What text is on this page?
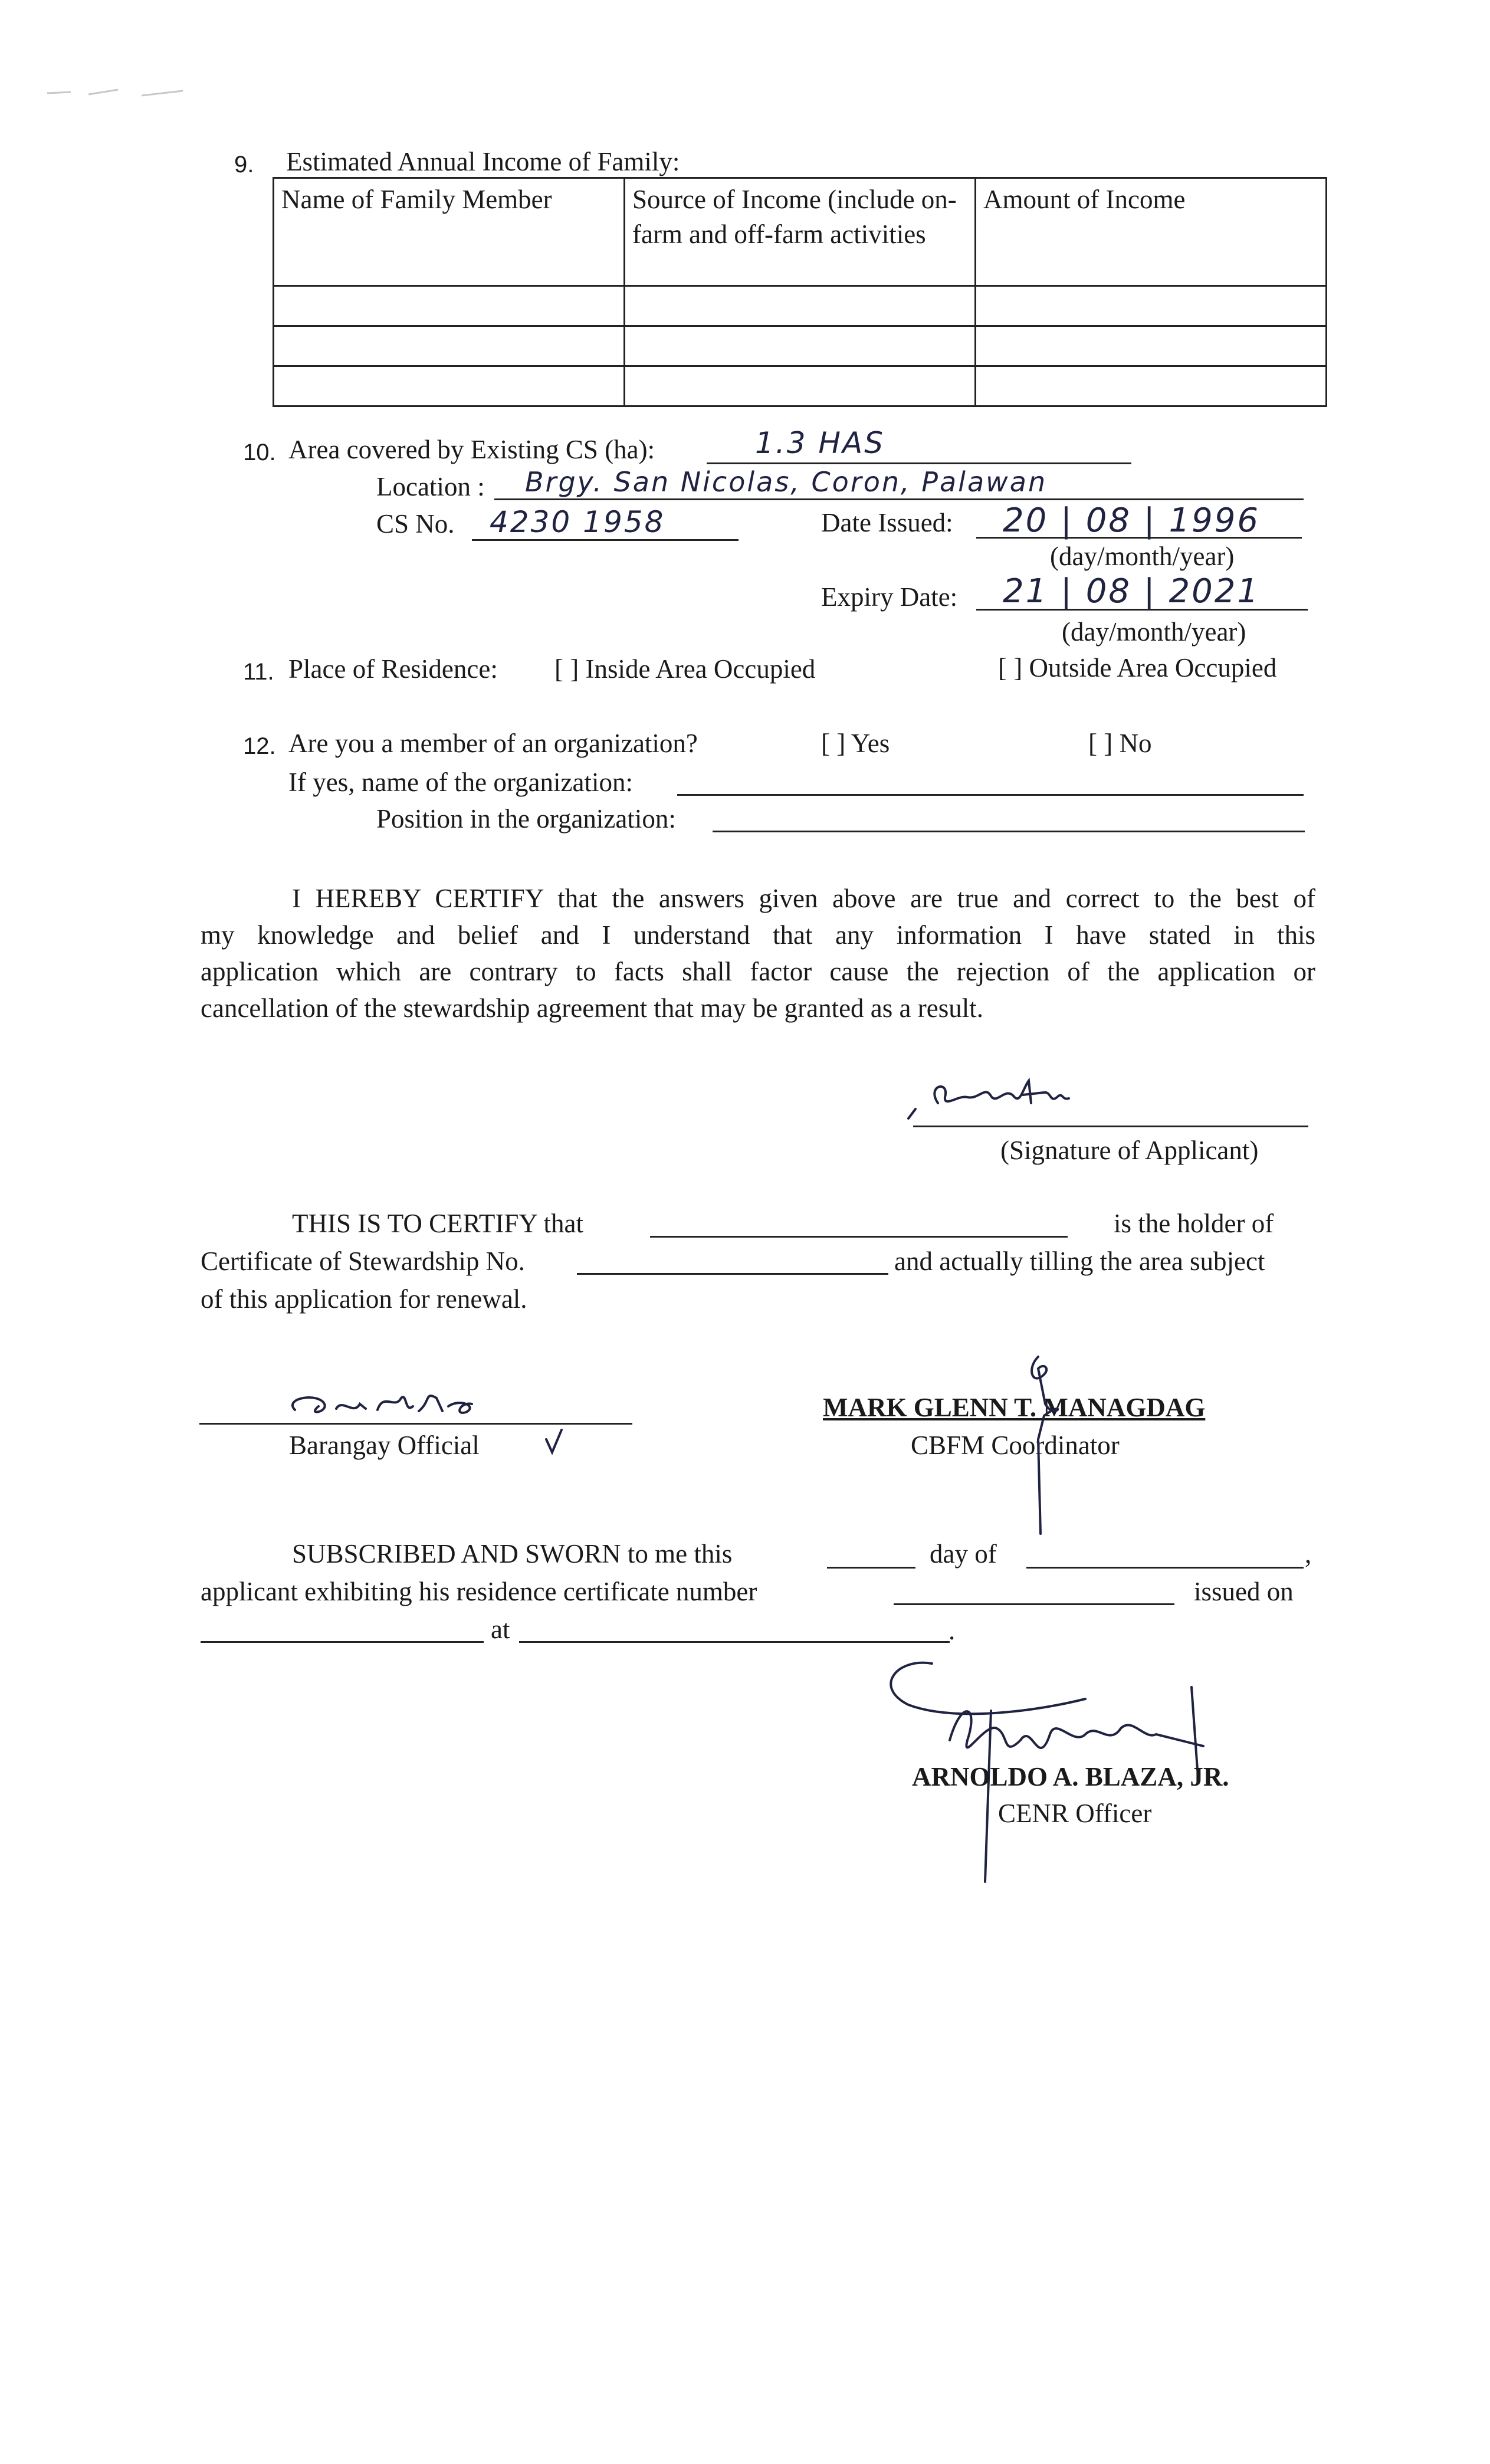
9. Estimated Annual Income of Family:
Name of Family Member	Source of Income (include on-farm and off-farm activities	Amount of Income

10. Area covered by Existing CS (ha):	1.3 HAS
Location : Brgy. San Nicolas, Coron, Palawan
CS No. 4230 1958	Date Issued: 20 | 08 | 1996
(day/month/year)
Expiry Date: 21 | 08 | 2021
(day/month/year)
11. Place of Residence: [ ] Inside Area Occupied	[ ] Outside Area Occupied
12. Are you a member of an organization?	[ ] Yes	[ ] No
If yes, name of the organization:
Position in the organization:
I HEREBY CERTIFY that the answers given above are true and correct to the best of
my knowledge and belief and I understand that any information I have stated in this
application which are contrary to facts shall factor cause the rejection of the application or
cancellation of the stewardship agreement that may be granted as a result.
(Signature of Applicant)
THIS IS TO CERTIFY that	is the holder of
Certificate of Stewardship No.	and actually tilling the area subject
of this application for renewal.
Barangay Official
MARK GLENN T. MANAGDAG
CBFM Coordinator
SUBSCRIBED AND SWORN to me this	day of	,
applicant exhibiting his residence certificate number	issued on
at	.
ARNOLDO A. BLAZA, JR.
CENR Officer
